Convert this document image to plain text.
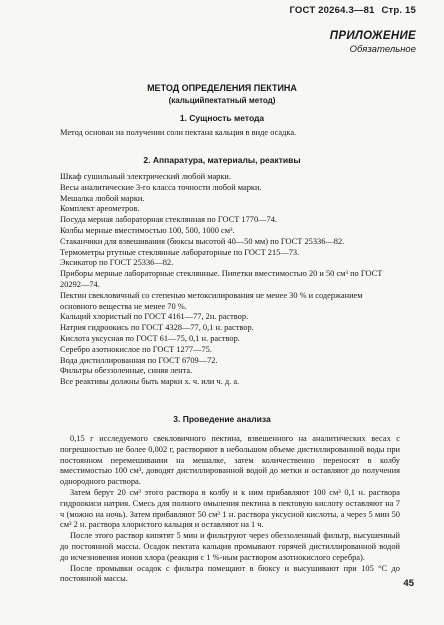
ГОСТ 20264.3—81 Стр. 15
ПРИЛОЖЕНИЕ
Обязательное
МЕТОД ОПРЕДЕЛЕНИЯ ПЕКТИНА
(кальцийпектатный метод)
1. Сущность метода

Метод основан на получении соли пектана кальция в виде осадка.

2. Аппаратура, материалы, реактивы

Шкаф сушильный электрический любой марки.

Весы аналитические 3-го класса точности любой марки.

Мешалка любой марки.

Комплект ареометров.

Посуда мерная лабораторная стеклянная по ГОСТ 1770—74.

Колбы мерные вместимостью 100, 500, 1000 см³.

Стаканчики для взвешивания (бюксы высотой 40—50 мм) по ГОСТ 25336—82.

Термометры ртутные стеклянные лабораторные по ГОСТ 215—73.

Эксикатор по ГОСТ 25336—82.

Приборы мерные лабораторные стеклянные. Пипетки вместимостью 20 и 50 см³ по ГОСТ 20292—74.

Пектин свекловичный со степенью метоксилирования не менее 30 % и содержанием основного вещества не менее 70 %.

Кальций хлористый по ГОСТ 4161—77, 2н. раствор.

Натрия гидроокись по ГОСТ 4328—77, 0,1 н. раствор.

Кислота уксусная по ГОСТ 61—75, 0,1 н. раствор.

Серебро азотнокислое по ГОСТ 1277—75.

Вода дистиллированная по ГОСТ 6709—72.

Фильтры обеззоленные, синяя лента.

Все реактивы должны быть марки х. ч. или ч. д. а.

3. Проведение анализа

0,15 г исследуемого свекловичного пектина, взвешенного на аналитических весах с погрешностью не более 0,002 г, растворяют в небольшом объеме дистиллированной воды при постоянном перемешивании на мешалке, затем количественно переносят в колбу вместимостью 100 см³, доводят дистиллированной водой до метки и оставляют до получения однородного раствора.

Затем берут 20 см³ этого раствора в колбу и к ним прибавляют 100 см³ 0,1 н. раствора гидроокиси натрия. Смесь для полного омыления пектина в пектовую кислоту оставляют на 7 ч (можно на ночь). Затем прибавляют 50 см³ 1 н. раствора уксусной кислоты, а через 5 мин 50 см³ 2 н. раствора хлористого кальция и оставляют на 1 ч.

После этого раствор кипятят 5 мин и фильтруют через обеззоленный фильтр, высушенный до постоянной массы. Осадок пектата кальция промывают горячей дистиллированной водой до исчезновения ионов хлора (реакция с 1 %-ным раствором азотнокислого серебра).

После промывки осадок с фильтра помещают в бюксу и высушивают при 105 °С до постоянной массы.	45
